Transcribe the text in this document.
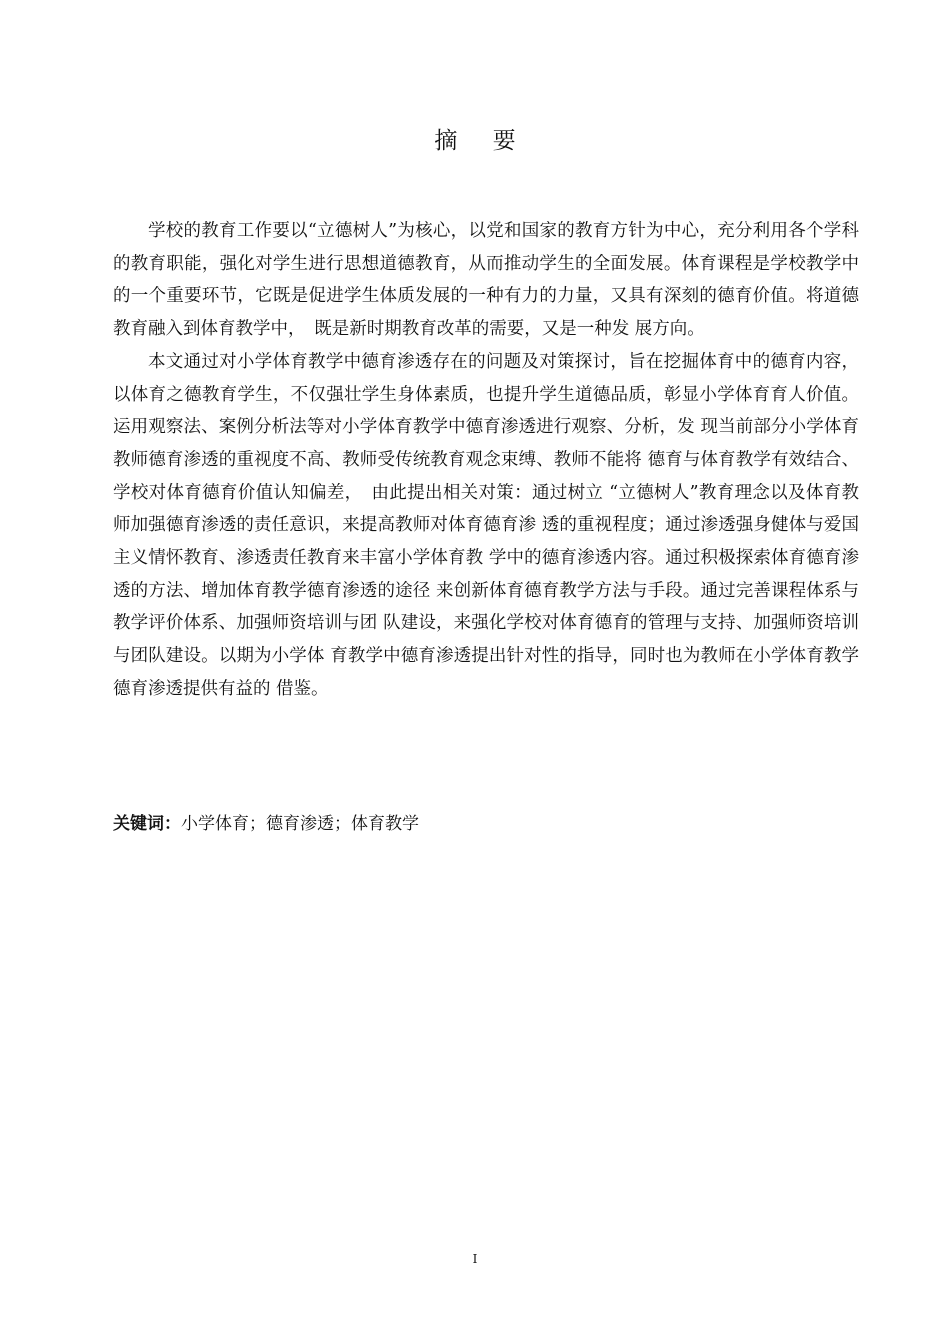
摘 要

学校的教育工作要以“立德树人”为核心，以党和国家的教育方针为中心，充分利用各个学科的教育职能，强化对学生进行思想道德教育，从而推动学生的全面发展。体育课程是学校教学中的一个重要环节，它既是促进学生体质发展的一种有力的力量，又具有深刻的德育价值。将道德教育融入到体育教学中，　既是新时期教育改革的需要，又是一种发 展方向。

本文通过对小学体育教学中德育渗透存在的问题及对策探讨，旨在挖掘体育中的德育内容，以体育之德教育学生，不仅强壮学生身体素质，也提升学生道德品质，彰显小学体育育人价值。运用观察法、案例分析法等对小学体育教学中德育渗透进行观察、分析，发 现当前部分小学体育教师德育渗透的重视度不高、教师受传统教育观念束缚、教师不能将 德育与体育教学有效结合、学校对体育德育价值认知偏差，　由此提出相关对策：通过树立 “立德树人”教育理念以及体育教师加强德育渗透的责任意识，来提高教师对体育德育渗 透的重视程度；通过渗透强身健体与爱国主义情怀教育、渗透责任教育来丰富小学体育教 学中的德育渗透内容。通过积极探索体育德育渗透的方法、增加体育教学德育渗透的途径 来创新体育德育教学方法与手段。通过完善课程体系与教学评价体系、加强师资培训与团 队建设，来强化学校对体育德育的管理与支持、加强师资培训与团队建设。以期为小学体 育教学中德育渗透提出针对性的指导，同时也为教师在小学体育教学德育渗透提供有益的 借鉴。

关键词：小学体育；德育渗透；体育教学
I
